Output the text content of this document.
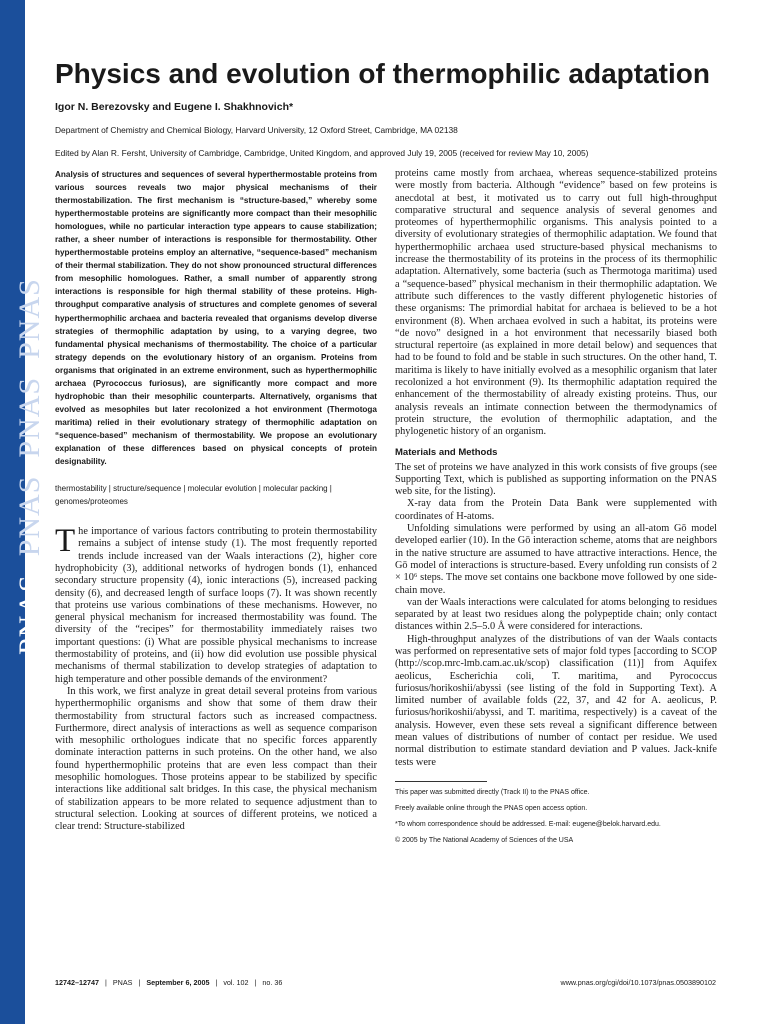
PNASPNASPNASPNAS
Physics and evolution of thermophilic adaptation
Igor N. Berezovsky and Eugene I. Shakhnovich*
Department of Chemistry and Chemical Biology, Harvard University, 12 Oxford Street, Cambridge, MA 02138
Edited by Alan R. Fersht, University of Cambridge, Cambridge, United Kingdom, and approved July 19, 2005 (received for review May 10, 2005)

Analysis of structures and sequences of several hyperthermostable proteins from various sources reveals two major physical mechanisms of their thermostabilization. The first mechanism is “structure-based,” whereby some hyperthermostable proteins are significantly more compact than their mesophilic homologues, while no particular interaction type appears to cause stabilization; rather, a sheer number of interactions is responsible for thermostability. Other hyperthermostable proteins employ an alternative, “sequence-based” mechanism of their thermal stabilization. They do not show pronounced structural differences from mesophilic homologues. Rather, a small number of apparently strong interactions is responsible for high thermal stability of these proteins. High-throughput comparative analysis of structures and complete genomes of several hyperthermophilic archaea and bacteria revealed that organisms develop diverse strategies of thermophilic adaptation by using, to a varying degree, two fundamental physical mechanisms of thermostability. The choice of a particular strategy depends on the evolutionary history of an organism. Proteins from organisms that originated in an extreme environment, such as hyperthermophilic archaea (Pyrococcus furiosus), are significantly more compact and more hydrophobic than their mesophilic counterparts. Alternatively, organisms that evolved as mesophiles but later recolonized a hot environment (Thermotoga maritima) relied in their evolutionary strategy of thermophilic adaptation on “sequence-based” mechanism of thermostability. We propose an evolutionary explanation of these differences based on physical concepts of protein designability.

thermostability | structure/sequence | molecular evolution | molecular packing | genomes/proteomes

The importance of various factors contributing to protein thermostability remains a subject of intense study (1). The most frequently reported trends include increased van der Waals interactions (2), higher core hydrophobicity (3), additional networks of hydrogen bonds (1), enhanced secondary structure propensity (4), ionic interactions (5), increased packing density (6), and decreased length of surface loops (7). It was shown recently that proteins use various combinations of these mechanisms. However, no general physical mechanism for increased thermostability was found. The diversity of the “recipes” for thermostability immediately raises two important questions: (i) What are possible physical mechanisms to increase thermostability of proteins, and (ii) how did evolution use possible physical mechanisms of thermal stabilization to develop strategies of adaptation to high temperature and other possible demands of the environment?

In this work, we first analyze in great detail several proteins from various hyperthermophilic organisms and show that some of them draw their thermostability from structural factors such as increased compactness. Furthermore, direct analysis of interactions as well as sequence comparison with mesophilic orthologues indicate that no specific forces apparently dominate interaction patterns in such proteins. On the other hand, we also found hyperthermophilic proteins that are even less compact than their mesophilic homologues. Those proteins appear to be stabilized by specific interactions like additional salt bridges. In this case, the physical mechanism of stabilization appears to be more related to sequence adjustment than to structural selection. Looking at sources of different proteins, we noticed a clear trend: Structure-stabilized

proteins came mostly from archaea, whereas sequence-stabilized proteins were mostly from bacteria. Although “evidence” based on few proteins is anecdotal at best, it motivated us to carry out full high-throughput comparative structural and sequence analysis of several genomes and proteomes of hyperthermophilic organisms. This analysis pointed to a diversity of evolutionary strategies of thermophilic adaptation. We found that hyperthermophilic archaea used structure-based physical mechanisms to increase the thermostability of its proteins in the process of its thermophilic adaptation. Alternatively, some bacteria (such as Thermotoga maritima) used a “sequence-based” physical mechanism in their thermophilic adaptation. We attribute such differences to the vastly different phylogenetic histories of these organisms: The primordial habitat for archaea is believed to be a hot environment (8). When archaea evolved in such a habitat, its proteins were “de novo” designed in a hot environment that necessarily biased both structural repertoire (as explained in more detail below) and sequences that had to be found to fold and be stable in such structures. On the other hand, T. maritima is likely to have initially evolved as a mesophilic organism that later recolonized a hot environment (9). Its thermophilic adaptation required the enhancement of the thermostability of already existing proteins. Thus, our analysis reveals an intimate connection between the thermodynamics of protein structure, the evolution of thermophilic adaptation, and the phylogenetic history of an organism.

Materials and Methods

The set of proteins we have analyzed in this work consists of five groups (see Supporting Text, which is published as supporting information on the PNAS web site, for the listing).

X-ray data from the Protein Data Bank were supplemented with coordinates of H-atoms.

Unfolding simulations were performed by using an all-atom Gō model developed earlier (10). In the Gō interaction scheme, atoms that are neighbors in the native structure are assumed to have attractive interactions. Hence, the Gō model of interactions is structure-based. Every unfolding run consists of 2 × 10⁶ steps. The move set contains one backbone move followed by one side-chain move.

van der Waals interactions were calculated for atoms belonging to residues separated by at least two residues along the polypeptide chain; only contact distances within 2.5–5.0 Å were considered for interactions.

High-throughput analyzes of the distributions of van der Waals contacts was performed on representative sets of major fold types [according to SCOP (http://scop.mrc-lmb.cam.ac.uk/scop) classification (11)] from Aquifex aeolicus, Escherichia coli, T. maritima, and Pyrococcus furiosus/horikoshii/abyssi (see listing of the fold in Supporting Text). A limited number of available folds (22, 37, and 42 for A. aeolicus, P. furiosus/horikoshii/abyssi, and T. maritima, respectively) is a caveat of the analysis. However, even these sets reveal a significant difference between mean values of distributions of number of contact per residue. We used normal distribution to estimate standard deviation and P values. Jack-knife tests were

This paper was submitted directly (Track II) to the PNAS office.

Freely available online through the PNAS open access option.

*To whom correspondence should be addressed. E-mail: eugene@belok.harvard.edu.

© 2005 by The National Academy of Sciences of the USA

12742–12747 | PNAS | September 6, 2005 | vol. 102 | no. 36	www.pnas.org/cgi/doi/10.1073/pnas.0503890102
